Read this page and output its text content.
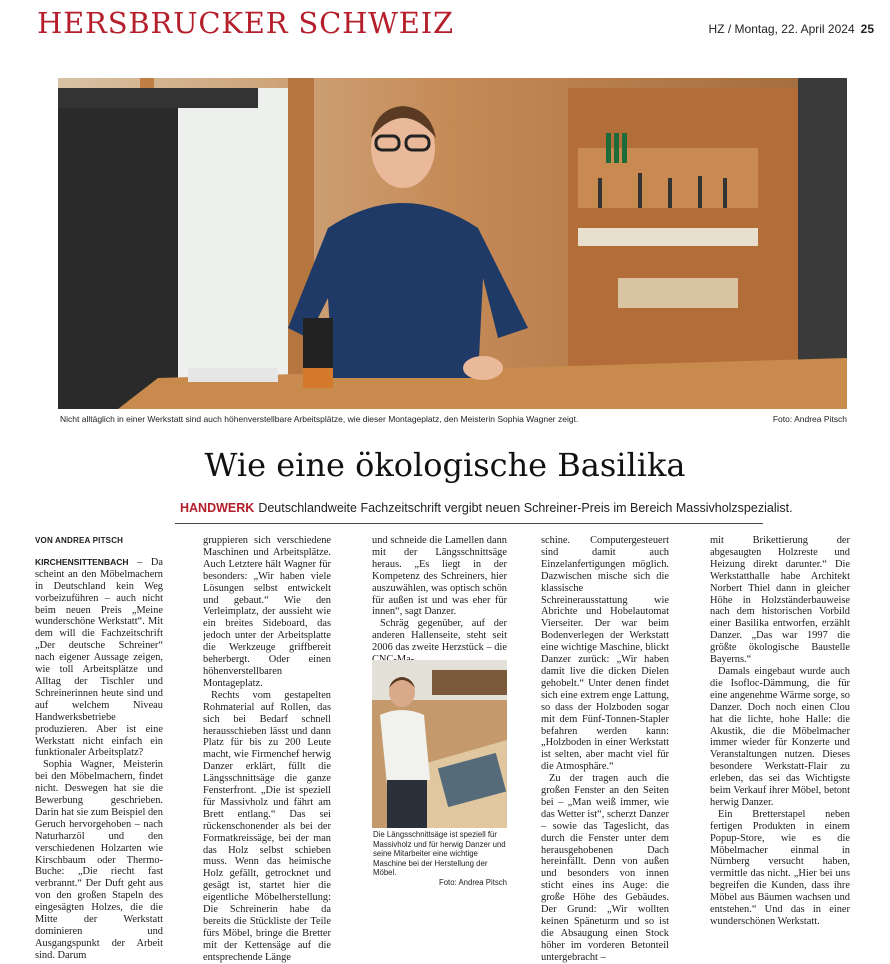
HERSBRUCKER SCHWEIZ	HZ / Montag, 22. April 2024 25
Nicht alltäglich in einer Werkstatt sind auch höhenverstellbare Arbeitsplätze, wie dieser Montageplatz, den Meisterin Sophia Wagner zeigt.	Foto: Andrea Pitsch
Wie eine ökologische Basilika
HANDWERK Deutschlandweite Fachzeitschrift vergibt neuen Schreiner-Preis im Bereich Massivholzspezialist.
VON ANDREA PITSCH

KIRCHENSITTENBACH – Da scheint an den Möbelmachern in Deutschland kein Weg vorbeizuführen – auch nicht beim neuen Preis „Meine wunderschöne Werkstatt“. Mit dem will die Fachzeitschrift „Der deutsche Schreiner“ nach eigener Aussage zeigen, wie toll Arbeitsplätze und Alltag der Tischler und Schreinerinnen heute sind und auf welchem Niveau Handwerksbetriebe produzieren. Aber ist eine Werkstatt nicht einfach ein funktionaler Arbeitsplatz?

Sophia Wagner, Meisterin bei den Möbelmachern, findet nicht. Deswegen hat sie die Bewerbung geschrieben. Darin hat sie zum Beispiel den Geruch hervorgehoben – nach Naturharzöl und den verschiedenen Holzarten wie Kirschbaum oder Thermo-Buche: „Die riecht fast verbrannt.“ Der Duft geht aus von den großen Stapeln des eingesägten Holzes, die die Mitte der Werkstatt dominieren und Ausgangspunkt der Arbeit sind. Darum

gruppieren sich verschiedene Maschinen und Arbeitsplätze. Auch Letztere hält Wagner für besonders: „Wir haben viele Lösungen selbst entwickelt und gebaut.“ Wie den Verleimplatz, der aussieht wie ein breites Sideboard, das jedoch unter der Arbeitsplatte die Werkzeuge griffbereit beherbergt. Oder einen höhenverstellbaren Montageplatz.

Rechts vom gestapelten Rohmaterial auf Rollen, das sich bei Bedarf schnell herausschieben lässt und dann Platz für bis zu 200 Leute macht, wie Firmenchef herwig Danzer erklärt, füllt die Längsschnittsäge die ganze Fensterfront. „Die ist speziell für Massivholz und fährt am Brett entlang.“ Das sei rückenschonender als bei der Formatkreissäge, bei der man das Holz selbst schieben muss. Wenn das heimische Holz gefällt, getrocknet und gesägt ist, startet hier die eigentliche Möbelherstellung: Die Schreinerin habe da bereits die Stückliste der Teile fürs Möbel, bringe die Bretter mit der Kettensäge auf die entsprechende Länge

und schneide die Lamellen dann mit der Längsschnittsäge heraus. „Es liegt in der Kompetenz des Schreiners, hier auszuwählen, was optisch schön für außen ist und was eher für innen“, sagt Danzer.

Schräg gegenüber, auf der anderen Hallenseite, steht seit 2006 das zweite Herzstück – die

schine. Computergesteuert sind damit auch Einzelanfertigungen möglich. Dazwischen mische sich die klassische Schreinerausstattung wie Abrichte und Hobelautomat Vierseiter. Der war beim Bodenverlegen der Werkstatt eine wichtige Maschine, blickt Danzer zurück: „Wir haben damit live die dicken Dielen gehobelt.“ Unter denen findet sich eine extrem enge Lattung, so dass der Holzboden sogar mit dem Fünf-Tonnen-Stapler befahren werden kann: „Holzboden in einer Werkstatt ist selten, aber macht viel für die Atmosphäre.“

Zu der tragen auch die großen Fenster an den Seiten bei – „Man weiß immer, wie das Wetter ist“, scherzt Danzer – sowie das Tageslicht, das durch die Fenster unter dem herausgehobenen Dach hereinfällt. Denn von außen und besonders von innen sticht eines ins Auge: die große Höhe des Gebäudes. Der Grund: „Wir wollten keinen Späneturm und so ist die Absaugung einen Stock höher im vorderen Betonteil untergebracht –

mit Brikettierung der abgesaugten Holzreste und Heizung direkt darunter.“ Die Werkstatthalle habe Architekt Norbert Thiel dann in gleicher Höhe in Holzständerbauweise nach dem historischen Vorbild einer Basilika entworfen, erzählt Danzer. „Das war 1997 die größte ökologische Baustelle Bayerns.“

Damals eingebaut wurde auch die Isofloc-Dämmung, die für eine angenehme Wärme sorge, so Danzer. Doch noch einen Clou hat die lichte, hohe Halle: die Akustik, die die Möbelmacher immer wieder für Konzerte und Veranstaltungen nutzen. Dieses besondere Werkstatt-Flair zu erleben, das sei das Wichtigste beim Verkauf ihrer Möbel, betont herwig Danzer.

Ein Bretterstapel neben fertigen Produkten in einem Popup-Store, wie es die Möbelmacher einmal in Nürnberg versucht haben, vermittle das nicht. „Hier bei uns begreifen die Kunden, dass ihre Möbel aus Bäumen wachsen und entstehen.“ Und das in einer wunderschönen Werkstatt.

Die Längsschnittsäge ist speziell für Massivholz und für herwig Danzer und seine Mitarbeiter eine wichtige Maschine bei der Herstellung der Möbel.
Foto: Andrea Pitsch
